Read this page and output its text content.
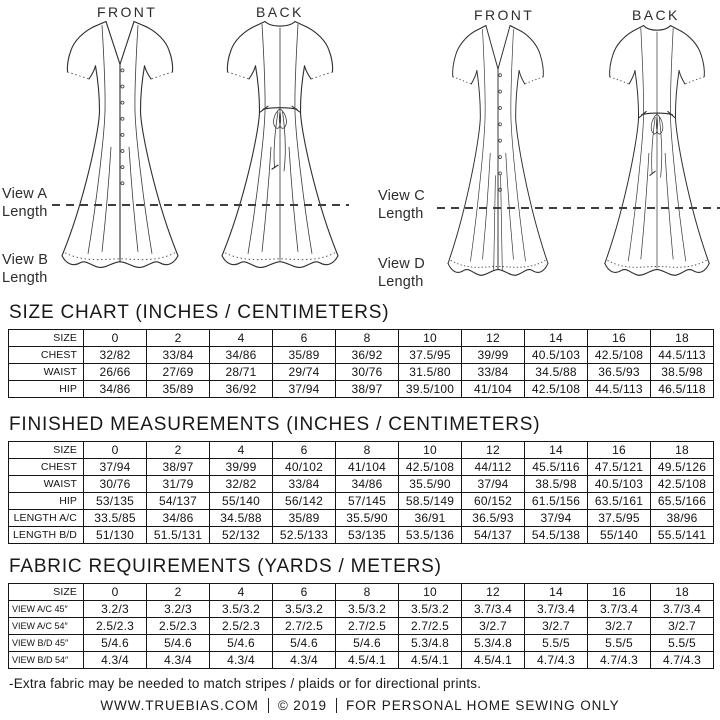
FRONT	BACK	FRONT	BACK
View A
Length
View B
Length
View C
Length
View D
Length
SIZE CHART (INCHES / CENTIMETERS)
SIZE	0	2	4	6	8	10	12	14	16	18
CHEST	32/82	33/84	34/86	35/89	36/92	37.5/95	39/99	40.5/103	42.5/108	44.5/113
WAIST	26/66	27/69	28/71	29/74	30/76	31.5/80	33/84	34.5/88	36.5/93	38.5/98
HIP	34/86	35/89	36/92	37/94	38/97	39.5/100	41/104	42.5/108	44.5/113	46.5/118
FINISHED MEASUREMENTS (INCHES / CENTIMETERS)
SIZE	0	2	4	6	8	10	12	14	16	18
CHEST	37/94	38/97	39/99	40/102	41/104	42.5/108	44/112	45.5/116	47.5/121	49.5/126
WAIST	30/76	31/79	32/82	33/84	34/86	35.5/90	37/94	38.5/98	40.5/103	42.5/108
HIP	53/135	54/137	55/140	56/142	57/145	58.5/149	60/152	61.5/156	63.5/161	65.5/166
LENGTH A/C	33.5/85	34/86	34.5/88	35/89	35.5/90	36/91	36.5/93	37/94	37.5/95	38/96
LENGTH B/D	51/130	51.5/131	52/132	52.5/133	53/135	53.5/136	54/137	54.5/138	55/140	55.5/141
FABRIC REQUIREMENTS (YARDS / METERS)
SIZE	0	2	4	6	8	10	12	14	16	18
VIEW A/C 45″	3.2/3	3.2/3	3.5/3.2	3.5/3.2	3.5/3.2	3.5/3.2	3.7/3.4	3.7/3.4	3.7/3.4	3.7/3.4
VIEW A/C 54″	2.5/2.3	2.5/2.3	2.5/2.3	2.7/2.5	2.7/2.5	2.7/2.5	3/2.7	3/2.7	3/2.7	3/2.7
VIEW B/D 45″	5/4.6	5/4.6	5/4.6	5/4.6	5/4.6	5.3/4.8	5.3/4.8	5.5/5	5.5/5	5.5/5
VIEW B/D 54″	4.3/4	4.3/4	4.3/4	4.3/4	4.5/4.1	4.5/4.1	4.5/4.1	4.7/4.3	4.7/4.3	4.7/4.3
-Extra fabric may be needed to match stripes / plaids or for directional prints.
WWW.TRUEBIAS.COM © 2019 FOR PERSONAL HOME SEWING ONLY
